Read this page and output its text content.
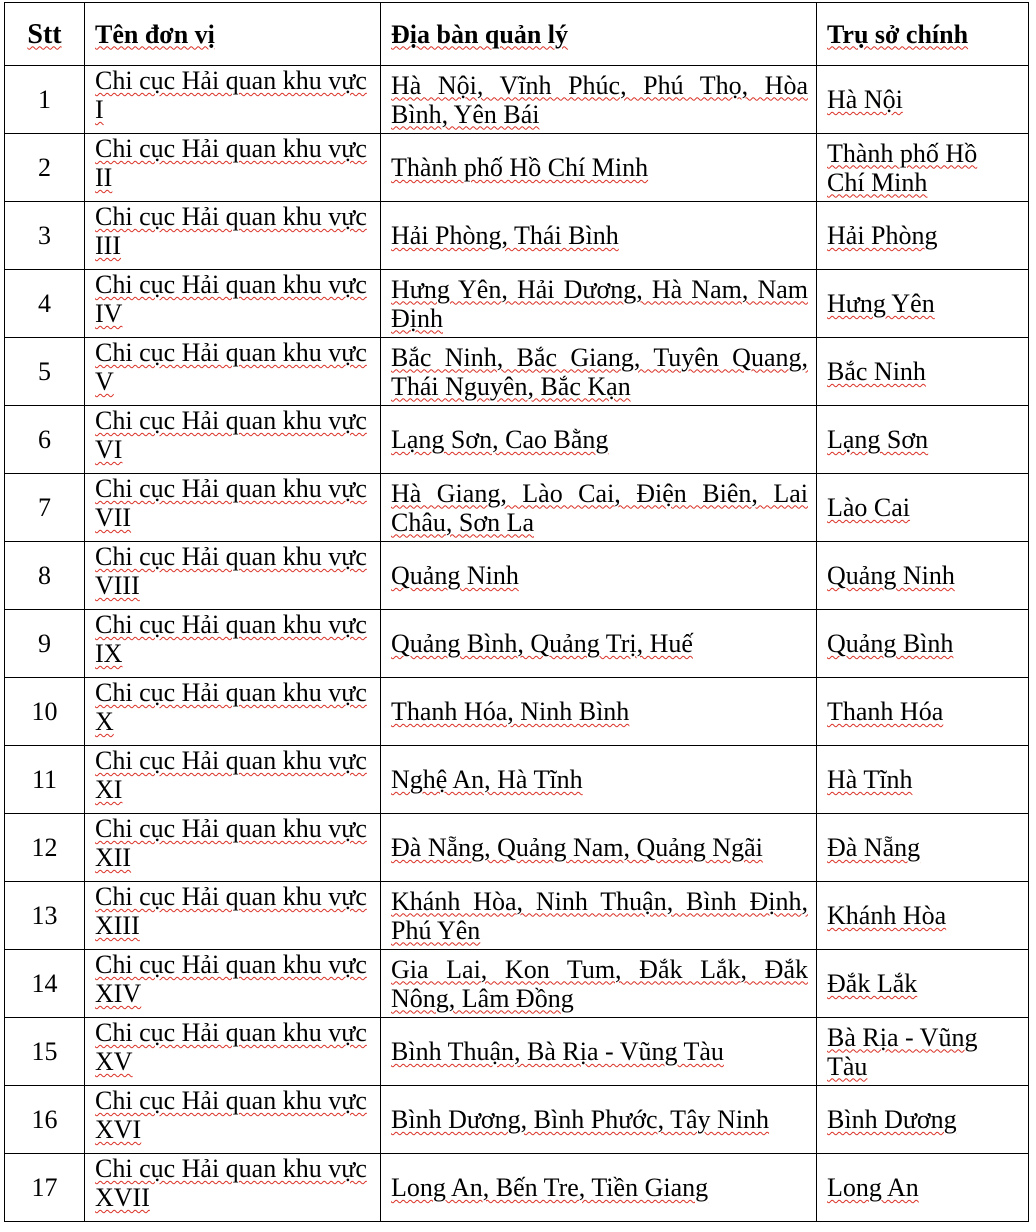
Stt	Tên đơn vị	Địa bàn quản lý	Trụ sở chính
1	Chi cục Hải quan khu vực I	Hà Nội, Vĩnh Phúc, Phú Thọ, Hòa Bình, Yên Bái	Hà Nội
2	Chi cục Hải quan khu vực II	Thành phố Hồ Chí Minh	Thành phố Hồ Chí Minh
3	Chi cục Hải quan khu vực III	Hải Phòng, Thái Bình	Hải Phòng
4	Chi cục Hải quan khu vực IV	Hưng Yên, Hải Dương, Hà Nam, Nam Định	Hưng Yên
5	Chi cục Hải quan khu vực V	Bắc Ninh, Bắc Giang, Tuyên Quang, Thái Nguyên, Bắc Kạn	Bắc Ninh
6	Chi cục Hải quan khu vực VI	Lạng Sơn, Cao Bằng	Lạng Sơn
7	Chi cục Hải quan khu vực VII	Hà Giang, Lào Cai, Điện Biên, Lai Châu, Sơn La	Lào Cai
8	Chi cục Hải quan khu vực VIII	Quảng Ninh	Quảng Ninh
9	Chi cục Hải quan khu vực IX	Quảng Bình, Quảng Trị, Huế	Quảng Bình
10	Chi cục Hải quan khu vực X	Thanh Hóa, Ninh Bình	Thanh Hóa
11	Chi cục Hải quan khu vực XI	Nghệ An, Hà Tĩnh	Hà Tĩnh
12	Chi cục Hải quan khu vực XII	Đà Nẵng, Quảng Nam, Quảng Ngãi	Đà Nẵng
13	Chi cục Hải quan khu vực XIII	Khánh Hòa, Ninh Thuận, Bình Định, Phú Yên	Khánh Hòa
14	Chi cục Hải quan khu vực XIV	Gia Lai, Kon Tum, Đắk Lắk, Đắk Nông, Lâm Đồng	Đắk Lắk
15	Chi cục Hải quan khu vực XV	Bình Thuận, Bà Rịa - Vũng Tàu	Bà Rịa - Vũng Tàu
16	Chi cục Hải quan khu vực XVI	Bình Dương, Bình Phước, Tây Ninh	Bình Dương
17	Chi cục Hải quan khu vực XVII	Long An, Bến Tre, Tiền Giang	Long An
